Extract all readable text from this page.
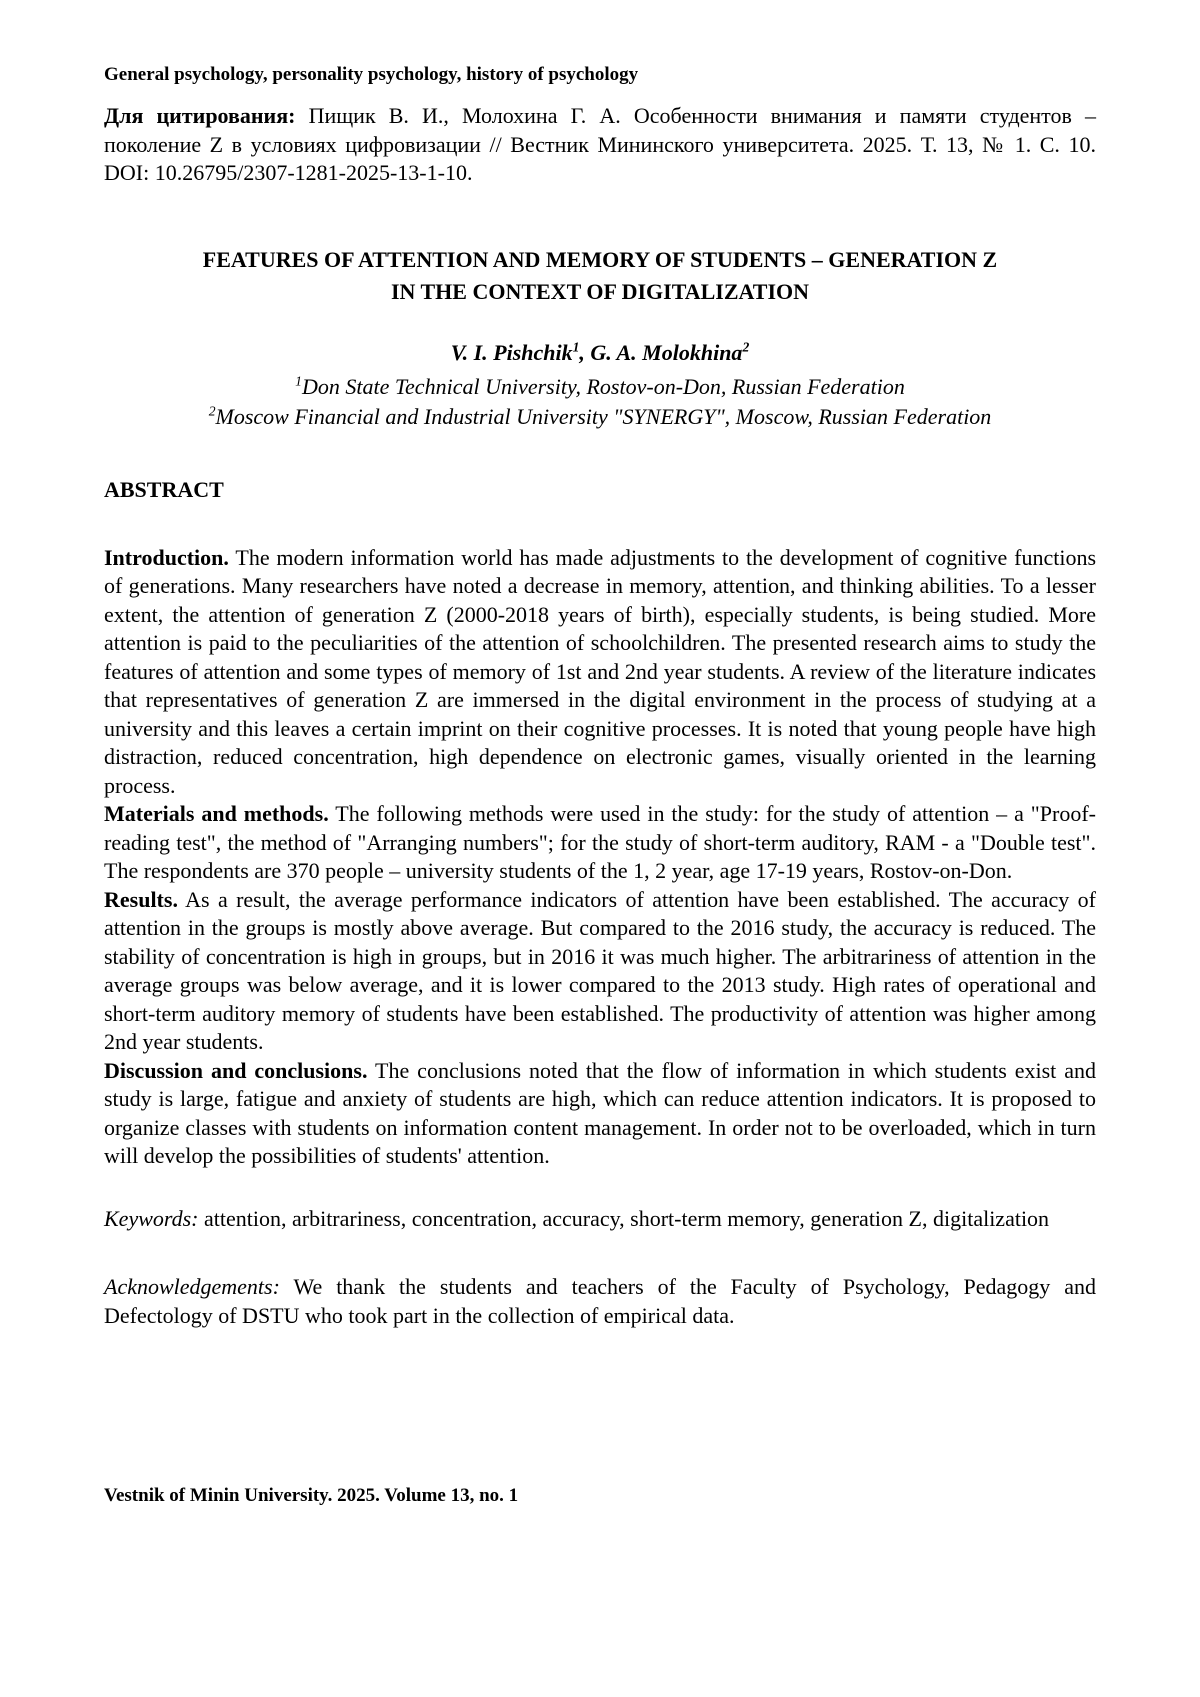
General psychology, personality psychology, history of psychology

Для цитирования: Пищик В. И., Молохина Г. А. Особенности внимания и памяти студентов – поколение Z в условиях цифровизации // Вестник Мининского университета. 2025. Т. 13, № 1. С. 10. DOI: 10.26795/2307-1281-2025-13-1-10.

FEATURES OF ATTENTION AND MEMORY OF STUDENTS – GENERATION Z
IN THE CONTEXT OF DIGITALIZATION
V. I. Pishchik$^1$, G. A. Molokhina$^2$
$^1$Don State Technical University, Rostov-on-Don, Russian Federation
$^2$Moscow Financial and Industrial University "SYNERGY", Moscow, Russian Federation
ABSTRACT

Introduction. The modern information world has made adjustments to the development of cognitive functions of generations. Many researchers have noted a decrease in memory, attention, and thinking abilities. To a lesser extent, the attention of generation Z (2000-2018 years of birth), especially students, is being studied. More attention is paid to the peculiarities of the attention of schoolchildren. The presented research aims to study the features of attention and some types of memory of 1st and 2nd year students. A review of the literature indicates that representatives of generation Z are immersed in the digital environment in the process of studying at a university and this leaves a certain imprint on their cognitive processes. It is noted that young people have high distraction, reduced concentration, high dependence on electronic games, visually oriented in the learning process.

Materials and methods. The following methods were used in the study: for the study of attention – a "Proof-reading test", the method of "Arranging numbers"; for the study of short-term auditory, RAM - a "Double test". The respondents are 370 people – university students of the 1, 2 year, age 17-19 years, Rostov-on-Don.

Results. As a result, the average performance indicators of attention have been established. The accuracy of attention in the groups is mostly above average. But compared to the 2016 study, the accuracy is reduced. The stability of concentration is high in groups, but in 2016 it was much higher. The arbitrariness of attention in the average groups was below average, and it is lower compared to the 2013 study. High rates of operational and short-term auditory memory of students have been established. The productivity of attention was higher among 2nd year students.

Discussion and conclusions. The conclusions noted that the flow of information in which students exist and study is large, fatigue and anxiety of students are high, which can reduce attention indicators. It is proposed to organize classes with students on information content management. In order not to be overloaded, which in turn will develop the possibilities of students' attention.

Keywords: attention, arbitrariness, concentration, accuracy, short-term memory, generation Z, digitalization

Acknowledgements: We thank the students and teachers of the Faculty of Psychology, Pedagogy and Defectology of DSTU who took part in the collection of empirical data.

Vestnik of Minin University. 2025. Volume 13, no. 1
